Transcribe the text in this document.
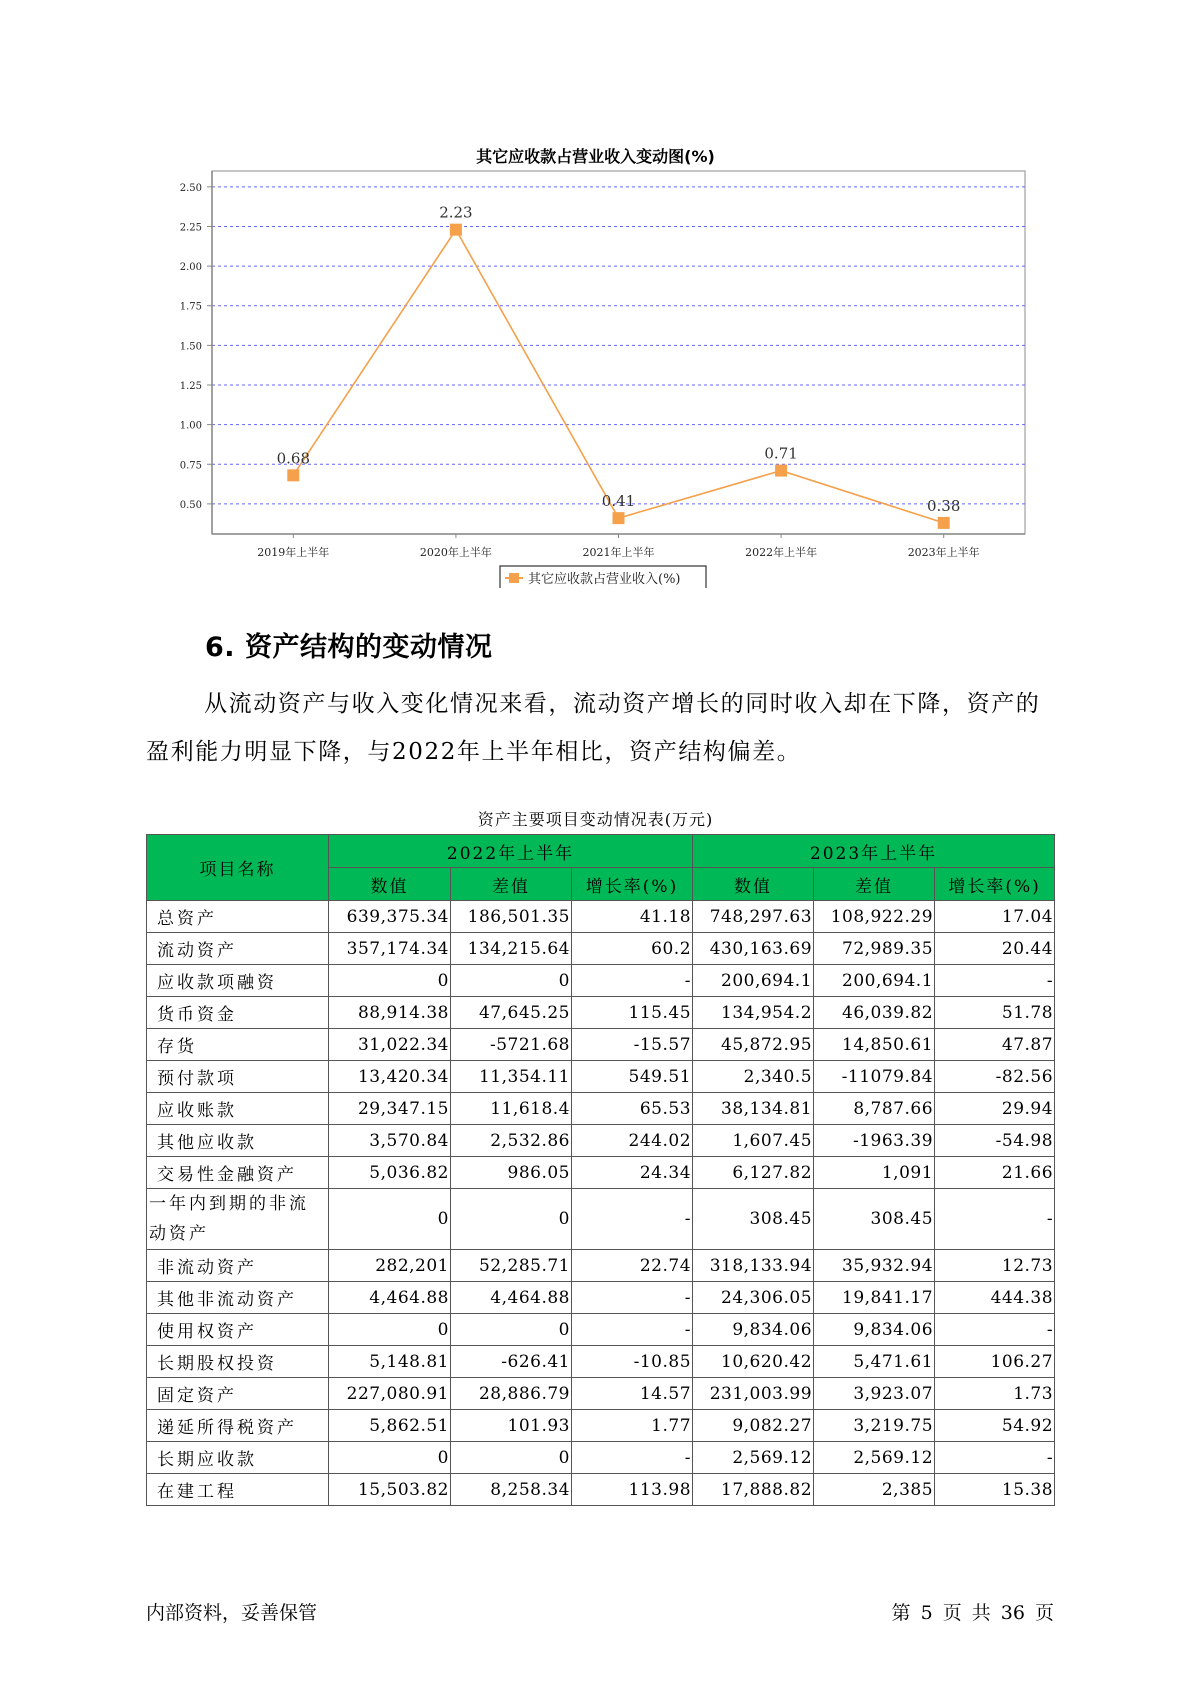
其它应收款占营业收入变动图(%)
0.50
0.75
1.00
1.25
1.50
1.75
2.00
2.25
2.50
2019年上半年	2020年上半年	2021年上半年	2022年上半年	2023年上半年
0.68
2.23
0.41
0.71
0.38
其它应收款占营业收入(%)
6. 资产结构的变动情况
从流动资产与收入变化情况来看，流动资产增长的同时收入却在下降，资产的盈利能力明显下降，与2022年上半年相比，资产结构偏差。
资产主要项目变动情况表(万元)
项目名称	2022年上半年			2023年上半年		
	数值	差值	增长率(%)	数值	差值	增长率(%)
总资产	639,375.34	186,501.35	41.18	748,297.63	108,922.29	17.04
流动资产	357,174.34	134,215.64	60.2	430,163.69	72,989.35	20.44
应收款项融资	0	0	-	200,694.1	200,694.1	-
货币资金	88,914.38	47,645.25	115.45	134,954.2	46,039.82	51.78
存货	31,022.34	-5721.68	-15.57	45,872.95	14,850.61	47.87
预付款项	13,420.34	11,354.11	549.51	2,340.5	-11079.84	-82.56
应收账款	29,347.15	11,618.4	65.53	38,134.81	8,787.66	29.94
其他应收款	3,570.84	2,532.86	244.02	1,607.45	-1963.39	-54.98
交易性金融资产	5,036.82	986.05	24.34	6,127.82	1,091	21.66
一年内到期的非流动资产	0	0	-	308.45	308.45	-
非流动资产	282,201	52,285.71	22.74	318,133.94	35,932.94	12.73
其他非流动资产	4,464.88	4,464.88	-	24,306.05	19,841.17	444.38
使用权资产	0	0	-	9,834.06	9,834.06	-
长期股权投资	5,148.81	-626.41	-10.85	10,620.42	5,471.61	106.27
固定资产	227,080.91	28,886.79	14.57	231,003.99	3,923.07	1.73
递延所得税资产	5,862.51	101.93	1.77	9,082.27	3,219.75	54.92
长期应收款	0	0	-	2,569.12	2,569.12	-
在建工程	15,503.82	8,258.34	113.98	17,888.82	2,385	15.38
内部资料，妥善保管	第 5 页 共 36 页
